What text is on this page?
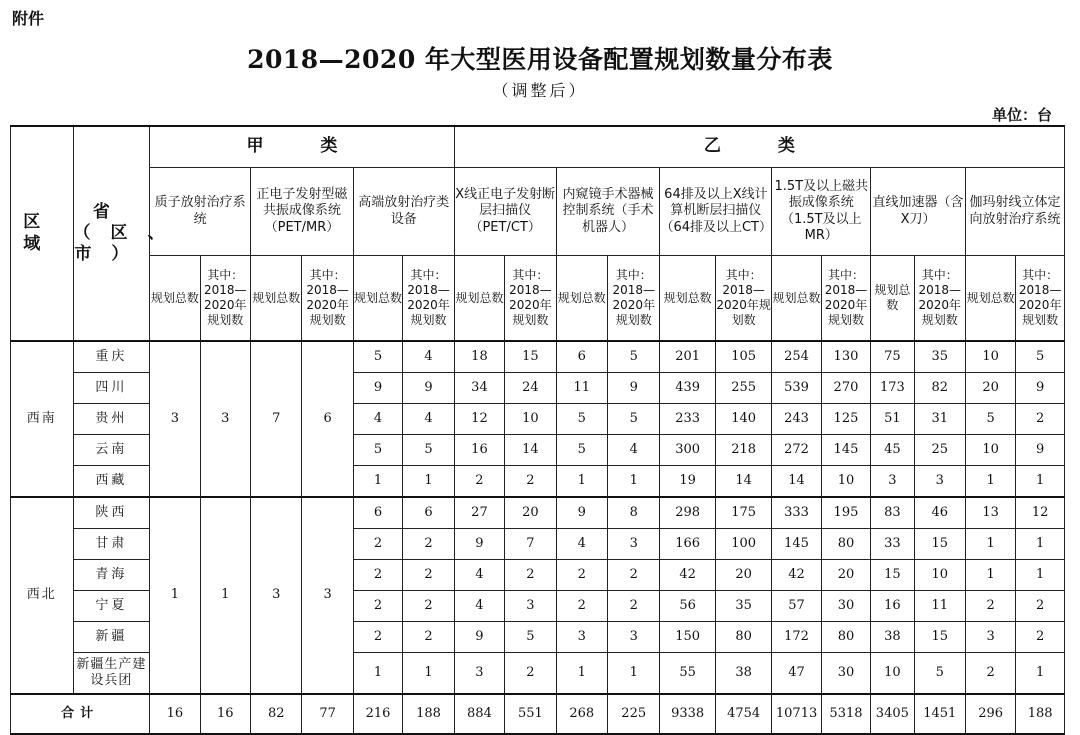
附件
2018—2020 年大型医用设备配置规划数量分布表
（调整后）
单位：台
区域	省（区、市）	甲　类						乙　类											
		质子放射治疗系统		正电子发射型磁共振成像系统（PET/MR）		高端放射治疗类设备		X线正电子发射断层扫描仪（PET/CT）		内窥镜手术器械控制系统（手术机器人）		64排及以上X线计算机断层扫描仪（64排及以上CT）		1.5T及以上磁共振成像系统（1.5T及以上 MR）		直线加速器（含X刀）		伽玛射线立体定向放射治疗系统	
		规划总数	其中：2018—2020年规划数	规划总数	其中：2018—2020年规划数	规划总数	其中：2018—2020年规划数	规划总数	其中：2018—2020年规划数	规划总数	其中：2018—2020年规划数	规划总数	其中：2018—2020年规划数	规划总数	其中：2018—2020年规划数	规划总数	其中：2018—2020年规划数	规划总数	其中：2018—2020年规划数
西南	重庆	3	3	7	6	5	4	18	15	6	5	201	105	254	130	75	35	10	5
	四川					9	9	34	24	11	9	439	255	539	270	173	82	20	9
	贵州					4	4	12	10	5	5	233	140	243	125	51	31	5	2
	云南					5	5	16	14	5	4	300	218	272	145	45	25	10	9
	西藏					1	1	2	2	1	1	19	14	14	10	3	3	1	1
西北	陕西	1	1	3	3	6	6	27	20	9	8	298	175	333	195	83	46	13	12
	甘肃					2	2	9	7	4	3	166	100	145	80	33	15	1	1
	青海					2	2	4	2	2	2	42	20	42	20	15	10	1	1
	宁夏					2	2	4	3	2	2	56	35	57	30	16	11	2	2
	新疆					2	2	9	5	3	3	150	80	172	80	38	15	3	2
	新疆生产建设兵团					1	1	3	2	1	1	55	38	47	30	10	5	2	1
合计		16	16	82	77	216	188	884	551	268	225	9338	4754	10713	5318	3405	1451	296	188
